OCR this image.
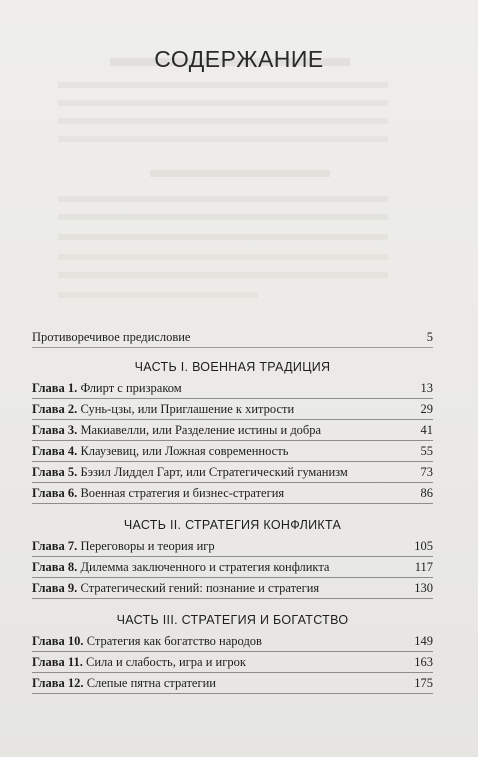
СОДЕРЖАНИЕ
Противоречивое предисловие	5
ЧАСТЬ I. ВОЕННАЯ ТРАДИЦИЯ
Глава 1. Флирт с призраком	13
Глава 2. Сунь-цзы, или Приглашение к хитрости	29
Глава 3. Макиавелли, или Разделение истины и добра	41
Глава 4. Клаузевиц, или Ложная современность	55
Глава 5. Бэзил Лиддел Гарт, или Стратегический гуманизм	73
Глава 6. Военная стратегия и бизнес-стратегия	86
ЧАСТЬ II. СТРАТЕГИЯ КОНФЛИКТА
Глава 7. Переговоры и теория игр	105
Глава 8. Дилемма заключенного и стратегия конфликта	117
Глава 9. Стратегический гений: познание и стратегия	130
ЧАСТЬ III. СТРАТЕГИЯ И БОГАТСТВО
Глава 10. Стратегия как богатство народов	149
Глава 11. Сила и слабость, игра и игрок	163
Глава 12. Слепые пятна стратегии	175
